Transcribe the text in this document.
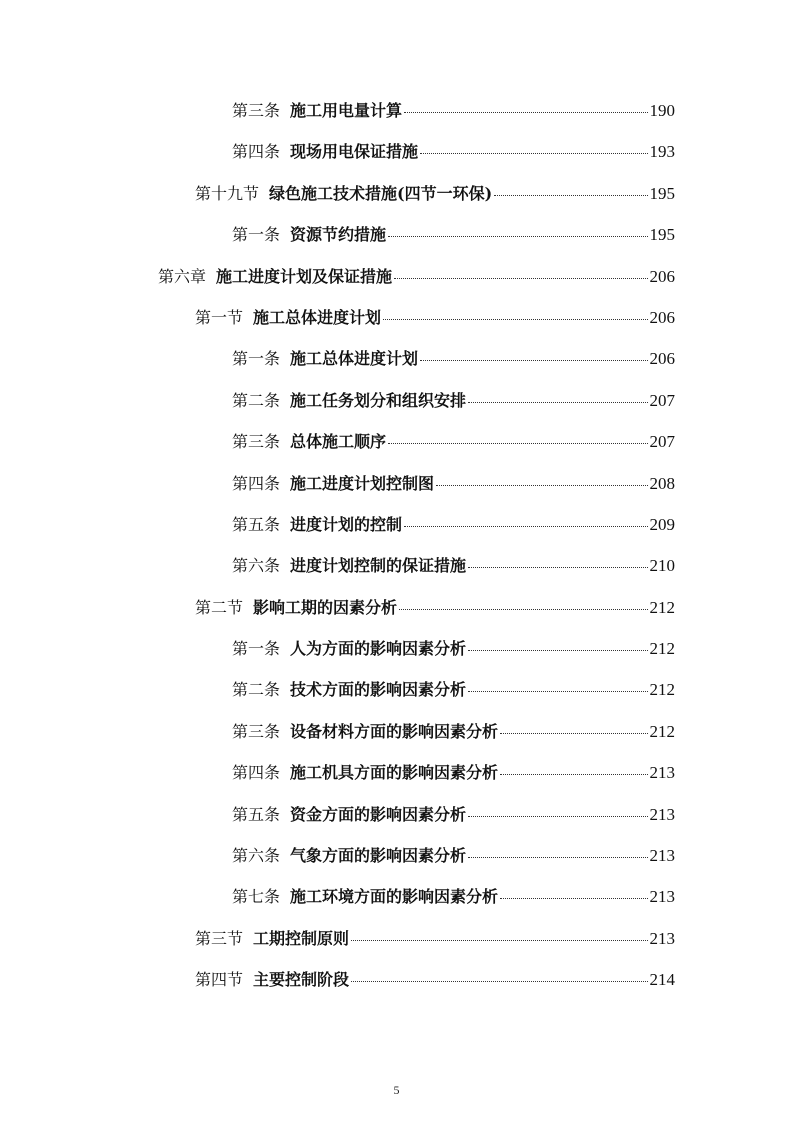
第三条 施工用电量计算	190
第四条 现场用电保证措施	193
第十九节 绿色施工技术措施(四节一环保)	195
第一条 资源节约措施	195
第六章 施工进度计划及保证措施	206
第一节 施工总体进度计划	206
第一条 施工总体进度计划	206
第二条 施工任务划分和组织安排	207
第三条 总体施工顺序	207
第四条 施工进度计划控制图	208
第五条 进度计划的控制	209
第六条 进度计划控制的保证措施	210
第二节 影响工期的因素分析	212
第一条 人为方面的影响因素分析	212
第二条 技术方面的影响因素分析	212
第三条 设备材料方面的影响因素分析	212
第四条 施工机具方面的影响因素分析	213
第五条 资金方面的影响因素分析	213
第六条 气象方面的影响因素分析	213
第七条 施工环境方面的影响因素分析	213
第三节 工期控制原则	213
第四节 主要控制阶段	214
5
